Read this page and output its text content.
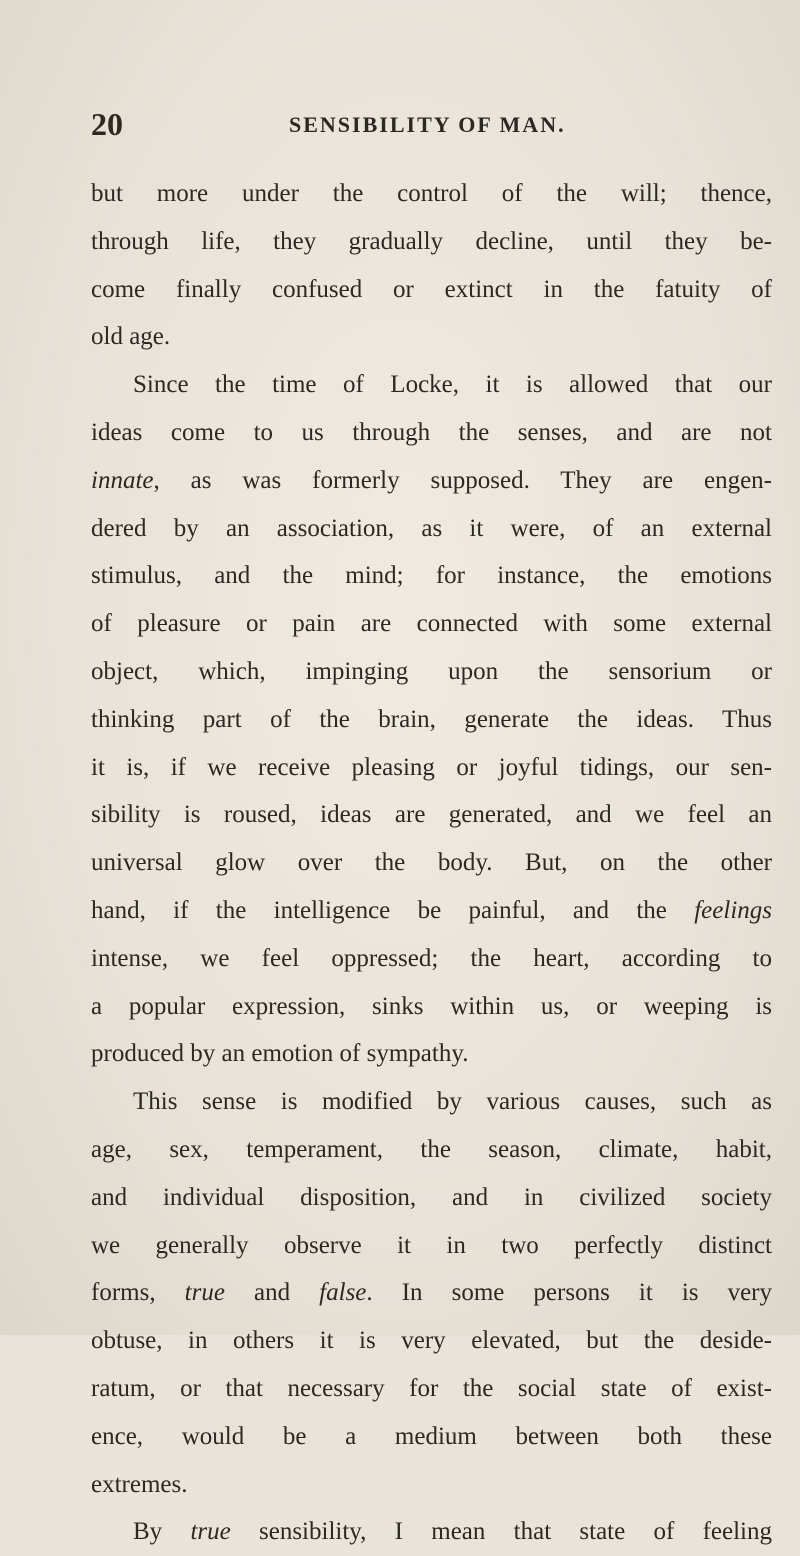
20	SENSIBILITY OF MAN.
but more under the control of the will; thence,
through life, they gradually decline, until they be-
come finally confused or extinct in the fatuity of
old age.
Since the time of Locke, it is allowed that our
ideas come to us through the senses, and are not
innate, as was formerly supposed. They are engen-
dered by an association, as it were, of an external
stimulus, and the mind; for instance, the emotions
of pleasure or pain are connected with some external
object, which, impinging upon the sensorium or
thinking part of the brain, generate the ideas. Thus
it is, if we receive pleasing or joyful tidings, our sen-
sibility is roused, ideas are generated, and we feel an
universal glow over the body. But, on the other
hand, if the intelligence be painful, and the feelings
intense, we feel oppressed; the heart, according to
a popular expression, sinks within us, or weeping is
produced by an emotion of sympathy.
This sense is modified by various causes, such as
age, sex, temperament, the season, climate, habit,
and individual disposition, and in civilized society
we generally observe it in two perfectly distinct
forms, true and false. In some persons it is very
obtuse, in others it is very elevated, but the deside-
ratum, or that necessary for the social state of exist-
ence, would be a medium between both these
extremes.
By true sensibility, I mean that state of feeling
